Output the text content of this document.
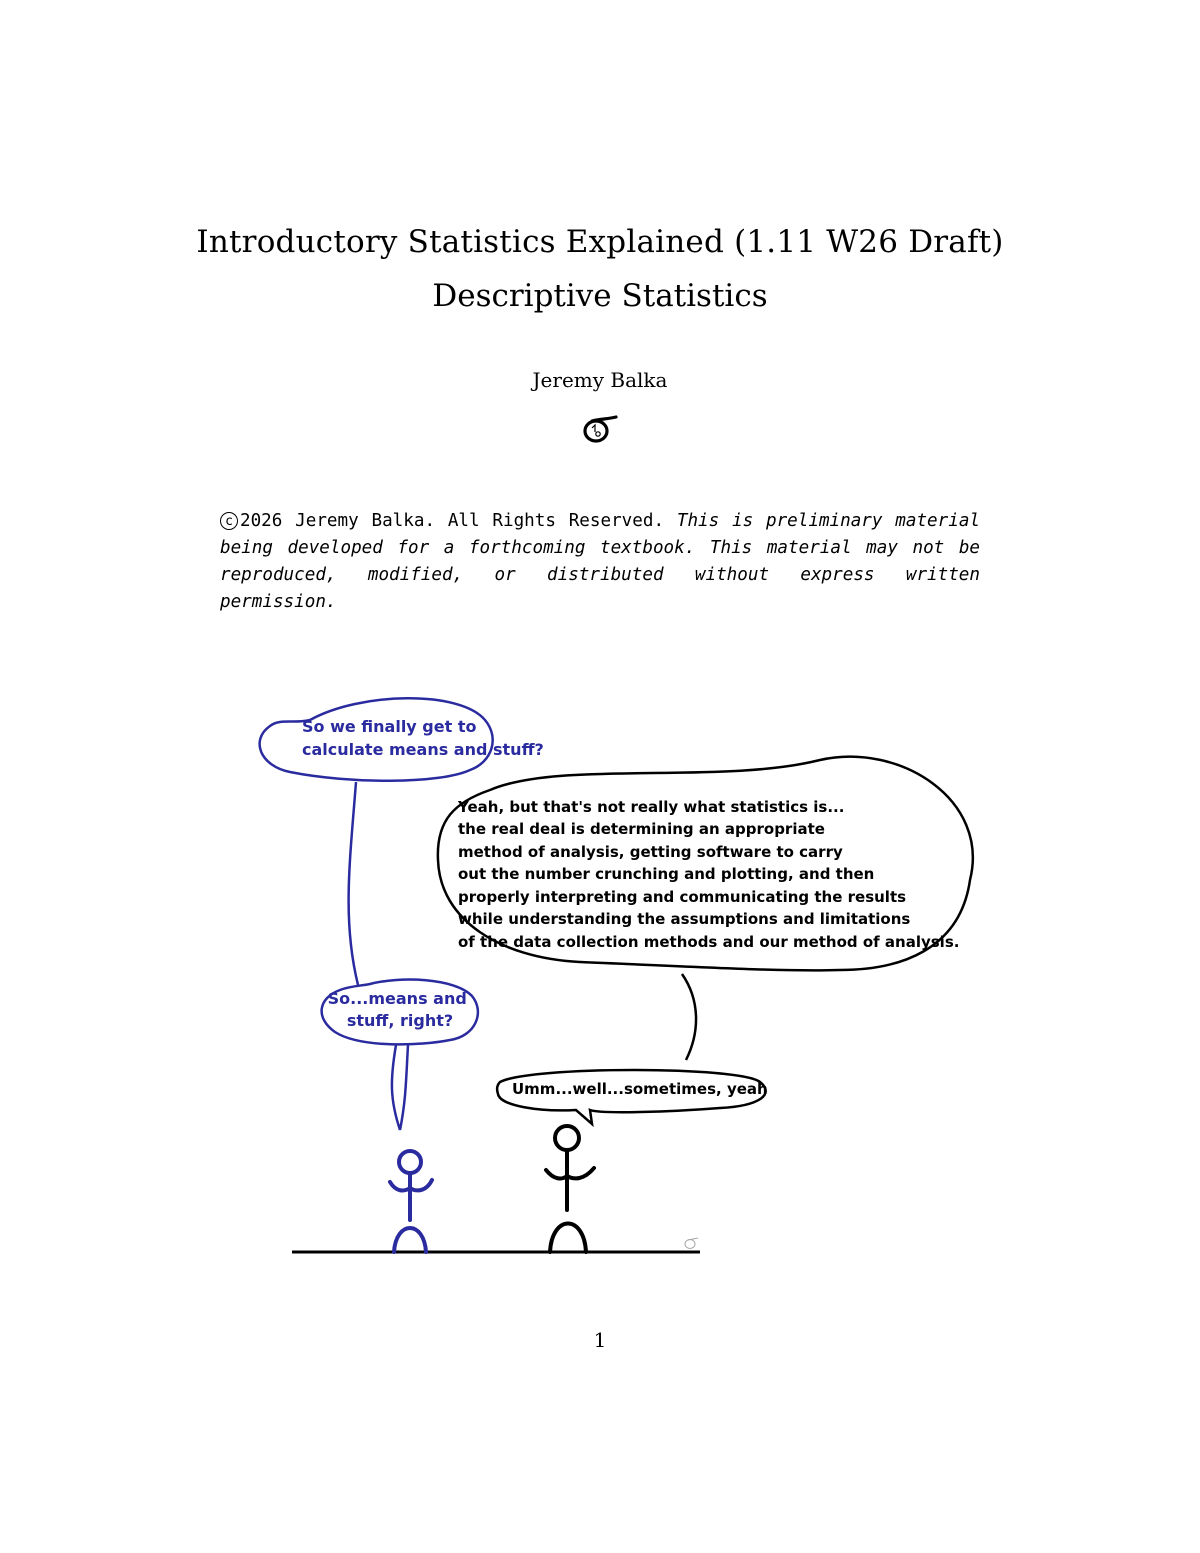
Introductory Statistics Explained (1.11 W26 Draft)
Descriptive Statistics
Jeremy Balka
c 2026 Jeremy Balka. All Rights Reserved. This is preliminary material being developed for a forthcoming textbook. This material may not be reproduced, modified, or distributed without express written permission.
So we finally get to calculate means and stuff?
Yeah, but that's not really what statistics is... the real deal is determining an appropriate method of analysis, getting software to carry out the number crunching and plotting, and then properly interpreting and communicating the results while understanding the assumptions and limitations of the data collection methods and our method of analysis.
So...means and stuff, right?
Umm...well...sometimes, yeah
1
